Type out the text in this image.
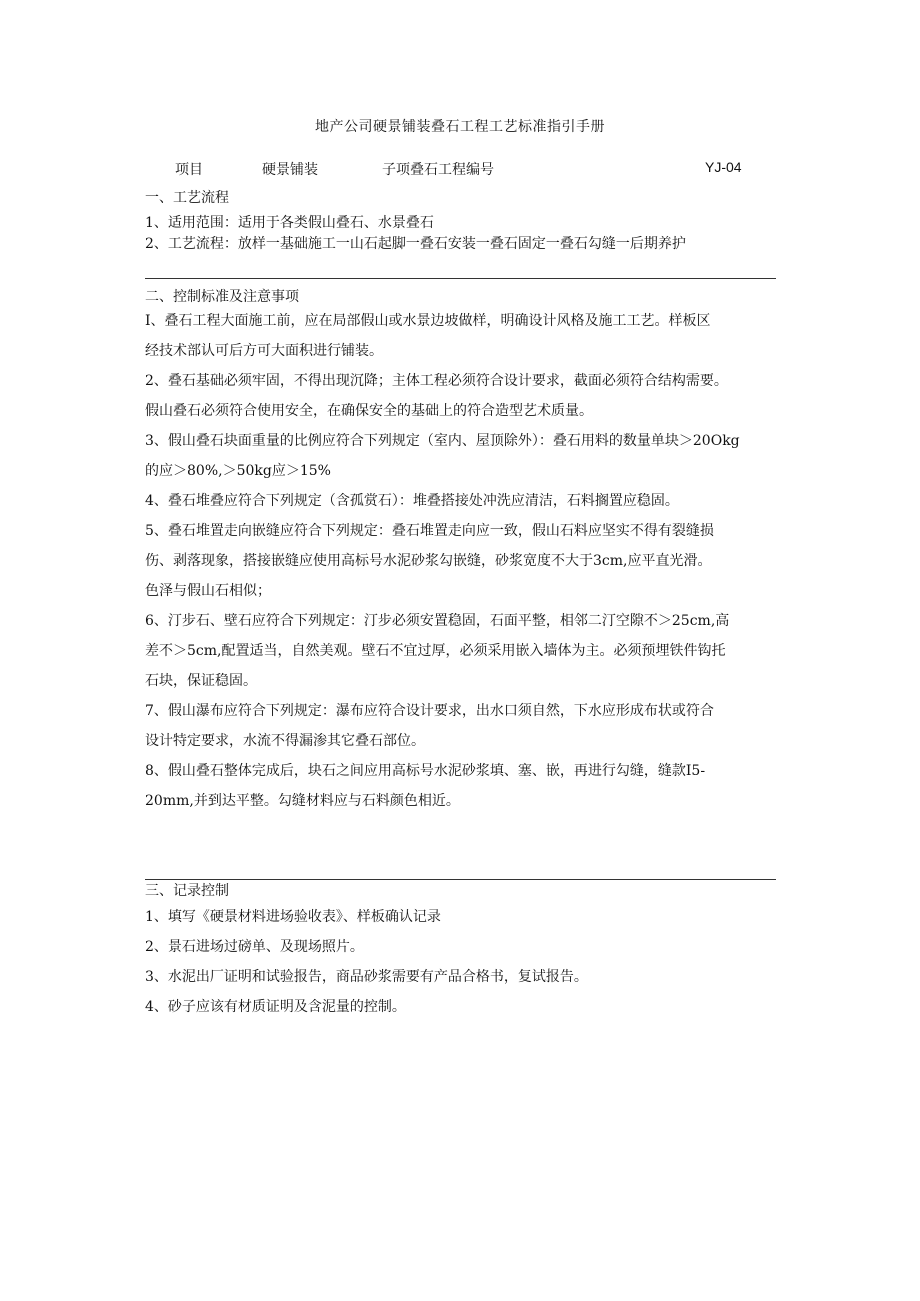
地产公司硬景铺装叠石工程工艺标准指引手册
项目	硬景铺装	子项叠石工程编号	YJ-04
一、工艺流程
1、适用范围：适用于各类假山叠石、水景叠石
2、工艺流程：放样一基础施工一山石起脚一叠石安装一叠石固定一叠石勾缝一后期养护
二、控制标准及注意事项
I、叠石工程大面施工前，应在局部假山或水景边坡做样，明确设计风格及施工工艺。样板区
经技术部认可后方可大面积进行铺装。
2、叠石基础必须牢固，不得出现沉降；主体工程必须符合设计要求，截面必须符合结构需要。
假山叠石必须符合使用安全，在确保安全的基础上的符合造型艺术质量。
3、假山叠石块面重量的比例应符合下列规定（室内、屋顶除外）：叠石用料的数量单块＞20Okg
的应＞80%,＞50kg应＞15%
4、叠石堆叠应符合下列规定（含孤赏石）：堆叠搭接处冲洗应清洁，石料搁置应稳固。
5、叠石堆置走向嵌缝应符合下列规定：叠石堆置走向应一致，假山石料应坚实不得有裂缝损
伤、剥落现象，搭接嵌缝应使用高标号水泥砂浆勾嵌缝，砂浆宽度不大于3cm,应平直光滑。
色泽与假山石相似；
6、汀步石、壁石应符合下列规定：汀步必须安置稳固，石面平整，相邻二汀空隙不＞25cm,高
差不＞5cm,配置适当，自然美观。壁石不宜过厚，必须采用嵌入墙体为主。必须预埋铁件钩托
石块，保证稳固。
7、假山瀑布应符合下列规定：瀑布应符合设计要求，出水口须自然，下水应形成布状或符合
设计特定要求，水流不得漏渗其它叠石部位。
8、假山叠石整体完成后，块石之间应用高标号水泥砂浆填、塞、嵌，再进行勾缝，缝款I5-
20mm,并到达平整。勾缝材料应与石料颜色相近。
三、记录控制
1、填写《硬景材料进场验收表》、样板确认记录
2、景石进场过磅单、及现场照片。
3、水泥出厂证明和试验报告，商品砂浆需要有产品合格书，复试报告。
4、砂子应该有材质证明及含泥量的控制。
